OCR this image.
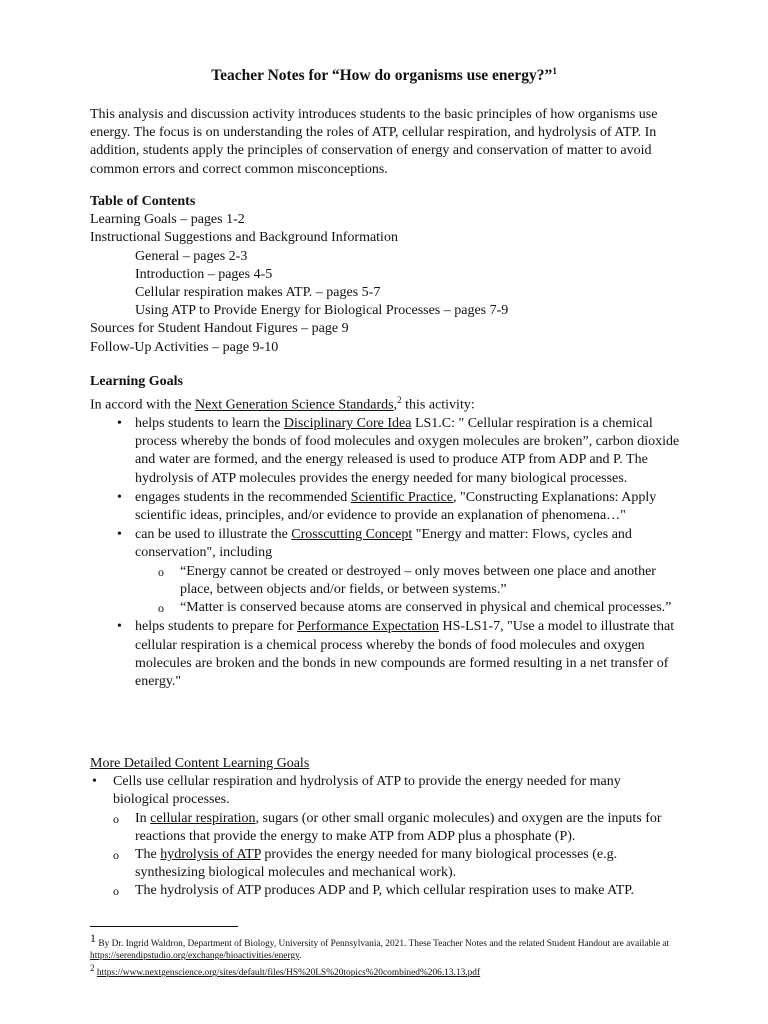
Teacher Notes for “How do organisms use energy?”$^1$
This analysis and discussion activity introduces students to the basic principles of how organisms use energy. The focus is on understanding the roles of ATP, cellular respiration, and hydrolysis of ATP. In addition, students apply the principles of conservation of energy and conservation of matter to avoid common errors and correct common misconceptions.
Table of Contents
Learning Goals – pages 1-2
Instructional Suggestions and Background Information
General – pages 2-3
Introduction – pages 4-5
Cellular respiration makes ATP. – pages 5-7
Using ATP to Provide Energy for Biological Processes – pages 7-9
Sources for Student Handout Figures – page 9
Follow-Up Activities – page 9-10
Learning Goals
In accord with the Next Generation Science Standards,$^2$ this activity:
• helps students to learn the Disciplinary Core Idea LS1.C: " Cellular respiration is a chemical process whereby the bonds of food molecules and oxygen molecules are broken”, carbon dioxide and water are formed, and the energy released is used to produce ATP from ADP and P. The hydrolysis of ATP molecules provides the energy needed for many biological processes.
• engages students in the recommended Scientific Practice, "Constructing Explanations: Apply scientific ideas, principles, and/or evidence to provide an explanation of phenomena…"
• can be used to illustrate the Crosscutting Concept "Energy and matter: Flows, cycles and conservation", including
o “Energy cannot be created or destroyed – only moves between one place and another place, between objects and/or fields, or between systems.”
o “Matter is conserved because atoms are conserved in physical and chemical processes.”
• helps students to prepare for Performance Expectation HS-LS1-7, "Use a model to illustrate that cellular respiration is a chemical process whereby the bonds of food molecules and oxygen molecules are broken and the bonds in new compounds are formed resulting in a net transfer of energy."
More Detailed Content Learning Goals
• Cells use cellular respiration and hydrolysis of ATP to provide the energy needed for many biological processes.
o In cellular respiration, sugars (or other small organic molecules) and oxygen are the inputs for reactions that provide the energy to make ATP from ADP plus a phosphate (P).
o The hydrolysis of ATP provides the energy needed for many biological processes (e.g. synthesizing biological molecules and mechanical work).
o The hydrolysis of ATP produces ADP and P, which cellular respiration uses to make ATP.
$^1$ By Dr. Ingrid Waldron, Department of Biology, University of Pennsylvania, 2021. These Teacher Notes and the related Student Handout are available at https://serendipstudio.org/exchange/bioactivities/energy.
$^2$ https://www.nextgenscience.org/sites/default/files/HS%20LS%20topics%20combined%206.13.13.pdf
